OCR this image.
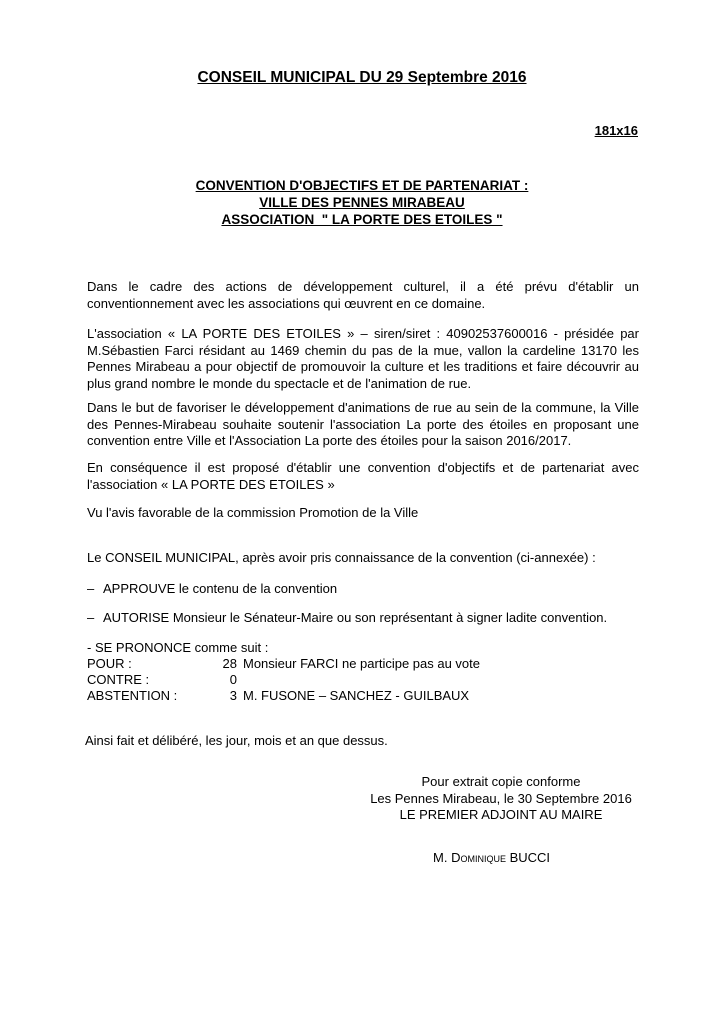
CONSEIL MUNICIPAL DU 29 Septembre 2016
181x16
CONVENTION D'OBJECTIFS ET DE PARTENARIAT :
VILLE DES PENNES MIRABEAU
ASSOCIATION  " LA PORTE DES ETOILES "

Dans le cadre des actions de développement culturel, il a été prévu d'établir un conventionnement avec les associations qui œuvrent en ce domaine.

L'association « LA PORTE DES ETOILES » – siren/siret : 40902537600016 - présidée par M.Sébastien Farci résidant au 1469 chemin du pas de la mue, vallon la cardeline 13170 les Pennes Mirabeau a pour objectif de promouvoir la culture et les traditions et faire découvrir au plus grand nombre le monde du spectacle et de l'animation de rue.

Dans le but de favoriser le développement d'animations de rue au sein de la commune, la Ville des Pennes-Mirabeau souhaite soutenir l'association La porte des étoiles en proposant une convention entre Ville et l'Association La porte des étoiles pour la saison 2016/2017.

En conséquence il est proposé d'établir une convention d'objectifs et de partenariat avec l'association « LA PORTE DES ETOILES »

Vu l'avis favorable de la commission Promotion de la Ville

Le CONSEIL MUNICIPAL, après avoir pris connaissance de la convention (ci-annexée) :

– APPROUVE le contenu de la convention
– AUTORISE Monsieur le Sénateur-Maire ou son représentant à signer ladite convention.
- SE PRONONCE comme suit :
POUR :	28 Monsieur FARCI ne participe pas au vote
CONTRE :	0
ABSTENTION :	3 M. FUSONE – SANCHEZ - GUILBAUX
Ainsi fait et délibéré, les jour, mois et an que dessus.
Pour extrait copie conforme
Les Pennes Mirabeau, le 30 Septembre 2016
LE PREMIER ADJOINT AU MAIRE
M. Dominique BUCCI
